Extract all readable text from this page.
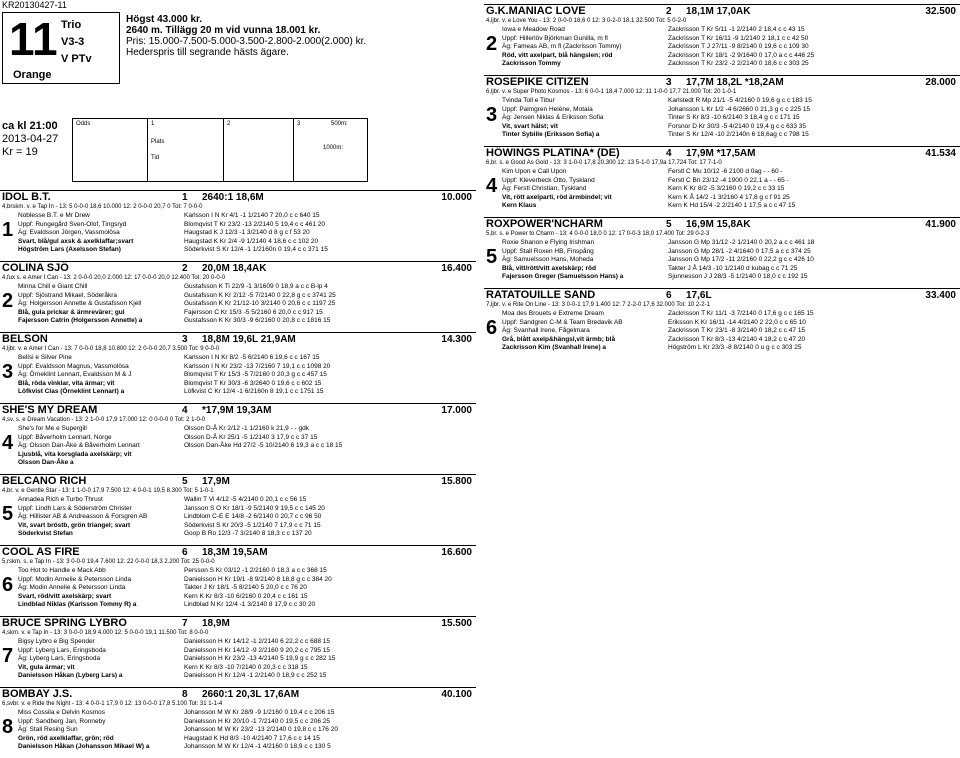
KR20130427-11
11 Trio
V3-3
V PTv
Orange
Högst 43.000 kr.
2640 m. Tillägg 20 m vid vunna 18.001 kr.
Pris: 15.000-7.500-5.000-3.500-2.800-2.000(2.000) kr.
Hederspris till segrande hästs ägare.
ca kl 21:00
2013-04-27
Kr = 19
Odds	1	2	3
Plats
Tid
500m:
1000m:
IDOL B.T.	1	2640:1 18,6M	10.000
4,brskm. v. e Tap In - 13: 5 0-0-0 18,6 10.000 12: 2 0-0-0 20,7 0 Tot: 7 0-0-0
1
Noblesse B.T. e Mr Drew
Uppf: Rungegård Sven-Olof, Tingsryd
Äg: Evaldsson Jörgen, Vassmolösa
Svart, blå/gul axsk & axelklaffar;svart
Högström Lars (Axelsson Stefan)
Karlsson I N Kr 4/1 -1 1/2140 7 20,0 c c 640 15
Blomqvist T Kr 23/2 -13 2/2140 5 19,4 c c 461 20
Haugstad K J 12/3 -1 3/2140 d 8 g c f 53 20
Haugstad K Kr 2/4 -9 1/2140 4 18,6 c c 102 20
Söderkvist S Kr 12/4 -1 1/2160n 0 19,4 c c 371 15
COLINA SJÖ	2	20,0M 18,4AK	16.400
4,fux s. e Amer I Can - 13: 2 0-0-0 20,0 2.000 12: 17 0-0-0 20,0 12.400 Tot: 20 0-0-0
2
Minna Chill e Giant Chill
Uppf: Sjöstrand Mikael, Söderåkra
Äg: Holgersson Annette & Gustafsson Kjell
Blå, gula prickar & ärmrevärer; gul
Fajersson Catrin (Holgersson Annette) a
Gustafsson K Ti 22/9 -1 3/1609 0 18,9 a c c B-lp 4
Gustafsson K Kr 2/12 -5 7/2140 0 22,8 g c c 3741 25
Gustafsson K Kr 21/12-10 3/2140 0 20,6 c c 1197 25
Fajersson C Kr 15/3 -5 5/2160 6 20,0 c c 917 15
Gustafsson K Kr 30/3 -9 6/2160 0 20,8 c c 1816 15
BELSON	3	18,8M 19,6L 21,9AM	14.300
4,ljbr. v. e Amer I Can - 13: 7 0-0-0 18,8 10.800 12: 2 0-0-0 20,7 3.500 Tot: 9 0-0-0
3
Bellsi e Silver Pine
Uppf: Evaldsson Magnus, Vassmolösa
Äg: Örneklint Lennart, Evaldsson M & J
Blå, röda vinklar, vita ärmar; vit
Löfkvist Clas (Örneklint Lennart) a
Karlsson I N Kr 8/2 -5 6/2140 6 19,6 c c 167 15
Karlsson I N Kr 23/2 -13 7/2160 7 19,1 c c 1098 20
Blomqvist T Kr 15/3 -5 7/2160 0 20,3 g c c 457 15
Blomqvist T Kr 30/3 -6 3/2640 0 19,6 c c 602 15
Löfkvist C Kr 12/4 -1 6/2160n 8 19,1 c c 1751 15
SHE'S MY DREAM	4	*17,9M 19,3AM	17.000
4,sv. s. e Dream Vacation - 13: 2 1-0-0 17,9 17.000 12: 0 0-0-0 0 Tot: 2 1-0-0
4
She's for Me e Supergill
Uppf: Båverholm Lennart, Norge
Äg: Olsson Dan-Åke & Båverholm Lennart
Ljusblå, vita korsglada axelskärp; vit
Olsson Dan-Åke a
Olsson D-Å Kr 2/12 -1 1/2160 k 21,9 - - gdk
Olsson D-Å Kr 25/1 -5 1/2140 3 17,9 c c 37 15
Olsson Dan-Åke Hd 27/2 -5 10/2140 6 19,3 a c c 18 15
BELCANO RICH	5	17,9M	15.800
4,br. v. e Gentle Star - 13: 1 1-0-0 17,9 7.500 12: 4 0-0-1 19,5 8.300 Tot: 5 1-0-1
5
Annadea Rich e Turbo Thrust
Uppf: Lindh Lars & Söderström Christer
Äg: Hillister AB & Andreasson & Forsgren AB
Vit, svart bröstb, grön triangel; svart
Söderkvist Stefan
Wallin T Vi 4/12 -5 4/2140 0 20,1 c c 56 15
Jansson S O Kr 18/1 -9 5/2140 9 19,5 c c 145 20
Lindblom C-E E 14/8 -2 6/2140 0 20,7 c c 96 50
Söderkvist S Kr 20/3 -5 1/2140 7 17,9 c c 71 15
Goop B Ro 12/3 -7 3/2140 8 18,3 c c 137 20
COOL AS FIRE	6	18,3M 19,5AM	16.600
5,rskm. s. e Tap In - 13: 3 0-0-0 19,4 7.600 12: 22 0-0-0 18,3 2.200 Tot: 25 0-0-0
6
Too Hot to Handle e Mack Abb
Uppf: Modin Annelie & Petersson Linda
Äg: Modin Annelie & Petersson Linda
Svart, röd/vitt axelskärp; svart
Lindblad Niklas (Karlsson Tommy R) a
Persson S Kr 03/12 -1 2/2160 0 18,3 a c c 368 15
Danielsson H Kr 19/1 -8 9/2140 8 18,8 g c c 384 20
Takter J Kr 18/1 -5 8/2140 5 20,0 c c 76 20
Kern K Kr 8/3 -10 6/2160 0 20,4 c c 161 15
Lindblad N Kr 12/4 -1 3/2140 8 17,9 c c 30 20
BRUCE SPRING LYBRO	7	18,9M	15.500
4,skm. v. e Tap In - 13: 3 0-0-0 18,9 4.000 12: 5 0-0-0 19,1 11.500 Tot: 8 0-0-0
7
Bigsy Lybro e Big Spender
Uppf: Lyberg Lars, Eringsboda
Äg: Lyberg Lars, Eringsboda
Vit, gula ärmar; vit
Danielsson Håkan (Lyberg Lars) a
Danielsson H Kr 14/12 -1 2/2140 6 22,2 c c 688 15
Danielsson H Kr 14/12 -9 2/2160 9 20,2 c c 795 15
Danielsson H Kr 23/2 -13 4/2140 5 19,9 g c c 282 15
Kern K Kr 8/3 -10 7/2140 0 20,3 c c 318 15
Danielsson H Kr 12/4 -1 2/2140 0 18,9 c c 252 15
BOMBAY J.S.	8	2660:1 20,3L 17,6AM	40.100
6,svbr. v. e Ride the Night - 13: 4 0-0-1 17,9 0 12: 13 0-0-0 17,8 5.100 Tot: 31 1-1-4
8
Miss Cossila e Delvin Kosmos
Uppf: Sandberg Jan, Ronneby
Äg: Stall Resing Sun
Grön, röd axelklaffar, grön; röd
Danielsson Håkan (Johansson Mikael W) a
Johansson M W Kr 28/9 -9 1/2160 0 19,4 c c 206 15
Danielsson H Kr 20/10 -1 7/2140 0 19,5 c c 206 25
Johansson M W Kr 23/2 -13 2/2140 0 19,8 c c 176 20
Haugstad K Hd 8/3 -10 4/2140 7 17,6 c c 14 15
Johansson M W Kr 12/4 -1 4/2160 0 18,9 c c 130 5
G.K.MANIAC LOVE	2	18,1M 17,0AK	32.500
4,ljbr. v. e Love You - 13: 2 0-0-0 18,6 0 12: 3 0-2-0 18,1 32.500 Tot: 5 0-2-0
2
Iowa e Meadow Road
Uppf: Hillerlöv Björkman Gunilla, m fl
Äg: Fameas AB, m fl (Zackrisson Tommy)
Röd, vitt axelpart, blå hängslen; röd
Zackrisson Tommy
Zackrisson T Kr 5/11 -1 2/2140 2 18,4 c c 43 15
Zackrisson T Kr 16/11 -9 1/2140 2 18,1 c c 42 50
Zackrisson T J 27/11 -9 8/2140 0 19,6 c c 109 30
Zackrisson T Kr 18/1 -2 9/1640 0 17,0 a c c 446 25
Zackrisson T Kr 23/2 -2 2/2140 0 18,6 c c 303 25
ROSEPIKE CITIZEN	3	17,7M 18,2L *18,2AM	28.000
6,ljbr. v. e Super Photo Kosmos - 13: 6 0-0-1 18,4 7.000 12: 11 1-0-0 17,7 21.000 Tot: 20 1-0-1
3
Tvinda Toll e Tibur
Uppf: Palmgren Heléne, Motala
Äg: Jensen Niklas & Eriksson Sofia
Vit, svart hälst; vit
Tinter Sybille (Eriksson Sofia) a
Karlstedt R Mp 21/1 -5 4/2160 0 19,6 g c c 183 15
Johansson L Kr 1/2 -4 6/2660 0 21,3 g c c 225 15
Tinter S Kr 8/3 -10 6/2140 3 18,4 g c c 171 15
Forsnor D Kr 30/3 -5 4/2140 0 19,4 g c c 633 35
Tinter S Kr 12/4 -10 2/2140n 6 18,6ag c c 798 15
HÖWINGS PLATINA* (DE)	4	17,9M *17,5AM	41.534
6,br. s. e Good As Gold - 13: 3 1-0-0 17,8 20.300 12: 13 5-1-0 17,9a 17.724 Tot: 17 7-1-0
4
Kim Upon e Call Upon
Uppf: Kleverbeck Otto, Tyskland
Äg: Ferstl Christian, Tyskland
Vit, rött axelparti, röd ärmbindel; vit
Kern Klaus
Ferstl C Mu 10/12 -6 2100 d 0ag - - 60 -
Ferstl C Bn 23/12 -4 1900 0 22,1 a - - 65 -
Kern K Kr 8/2 -5 3/2160 0 19,2 c c 33 15
Kern K Å 14/2 -1 3/2160 4 17,8 g c f 91 25
Kern K Hd 15/4 -2 2/2140 1 17,5 a c c 47 15
ROXPOWER'NCHARM	5	16,9M 15,8AK	41.900
5,br. s. e Power to Charm - 13: 4 0-0-0 18,0 0 12: 17 0-0-3 18,0 17.400 Tot: 29 0-2-3
5
Roxie Shanon e Flying Irishman
Uppf: Stall Roxen HB, Finspång
Äg: Samuelsson Hans, Moheda
Blå, vitt/rött/vitt axelskärp; röd
Fajersson Greger (Samuelsson Hans) a
Jansson G Mp 31/12 -2 1/2140 0 20,2 a c c 461 18
Jansson G Mp 28/1 -2 4/1640 0 17,5 a c c 374 25
Jansson G Mp 17/2 -11 2/2160 0 22,2 g c c 426 10
Takter J Å 14/3 -10 1/2140 d kubag c c 71 25
Sjunnesson J J 28/3 -5 1/2140 0 18,0 c c 192 15
RATATOUILLE SAND	6	17,6L	33.400
7,ljbr. v. e Rite On Line - 13: 3 0-0-1 17,9 1.400 12: 7 2-2-0 17,6 32.000 Tot: 10 2-2-1
6
Moa des Brouets e Extreme Dream
Uppf: Sandgren C-M & Team Bredavik AB
Äg: Svanhall Irene, Fågelmara
Grå, blått axelp&hängsl,vit ärmb; blå
Zackrisson Kim (Svanhall Irene) a
Zackrisson T Kr 11/1 -3 7/2140 0 17,6 g c c 165 15
Eriksson K Kr 16/11 -14 4/2140 2 22,0 c c 65 10
Zackrisson T Kr 23/1 -8 3/2140 0 18,2 c c 47 15
Zackrisson T Kr 8/3 -13 4/2140 4 18,2 c c 47 20
Högström L Kr 23/3 -8 8/2140 0 u g c c 303 25
